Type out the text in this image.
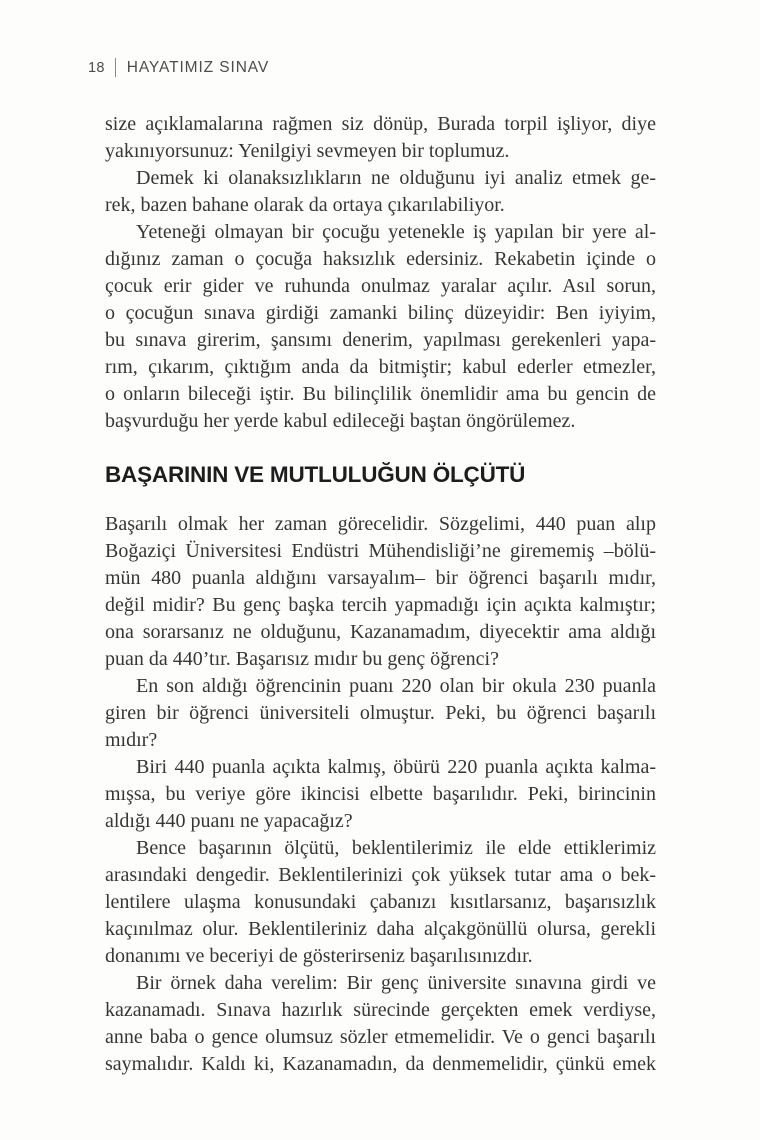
18 HAYATIMIZ SINAV

size açıklamalarına rağmen siz dönüp, Burada torpil işliyor, diye
yakınıyorsunuz: Yenilgiyi sevmeyen bir toplumuz.

Demek ki olanaksızlıkların ne olduğunu iyi analiz etmek ge-
rek, bazen bahane olarak da ortaya çıkarılabiliyor.

Yeteneği olmayan bir çocuğu yetenekle iş yapılan bir yere al-
dığınız zaman o çocuğa haksızlık edersiniz. Rekabetin içinde o
çocuk erir gider ve ruhunda onulmaz yaralar açılır. Asıl sorun,
o çocuğun sınava girdiği zamanki bilinç düzeyidir: Ben iyiyim,
bu sınava girerim, şansımı denerim, yapılması gerekenleri yapa-
rım, çıkarım, çıktığım anda da bitmiştir; kabul ederler etmezler,
o onların bileceği iştir. Bu bilinçlilik önemlidir ama bu gencin de
başvurduğu her yerde kabul edileceği baştan öngörülemez.

BAŞARININ VE MUTLULUĞUN ÖLÇÜTÜ

Başarılı olmak her zaman görecelidir. Sözgelimi, 440 puan alıp
Boğaziçi Üniversitesi Endüstri Mühendisliği’ne girememiş –bölü-
mün 480 puanla aldığını varsayalım– bir öğrenci başarılı mıdır,
değil midir? Bu genç başka tercih yapmadığı için açıkta kalmıştır;
ona sorarsanız ne olduğunu, Kazanamadım, diyecektir ama aldığı
puan da 440’tır. Başarısız mıdır bu genç öğrenci?

En son aldığı öğrencinin puanı 220 olan bir okula 230 puanla
giren bir öğrenci üniversiteli olmuştur. Peki, bu öğrenci başarılı
mıdır?

Biri 440 puanla açıkta kalmış, öbürü 220 puanla açıkta kalma-
mışsa, bu veriye göre ikincisi elbette başarılıdır. Peki, birincinin
aldığı 440 puanı ne yapacağız?

Bence başarının ölçütü, beklentilerimiz ile elde ettiklerimiz
arasındaki dengedir. Beklentilerinizi çok yüksek tutar ama o bek-
lentilere ulaşma konusundaki çabanızı kısıtlarsanız, başarısızlık
kaçınılmaz olur. Beklentileriniz daha alçakgönüllü olursa, gerekli
donanımı ve beceriyi de gösterirseniz başarılısınızdır.

Bir örnek daha verelim: Bir genç üniversite sınavına girdi ve
kazanamadı. Sınava hazırlık sürecinde gerçekten emek verdiyse,
anne baba o gence olumsuz sözler etmemelidir. Ve o genci başarılı
saymalıdır. Kaldı ki, Kazanamadın, da denmemelidir, çünkü emek
